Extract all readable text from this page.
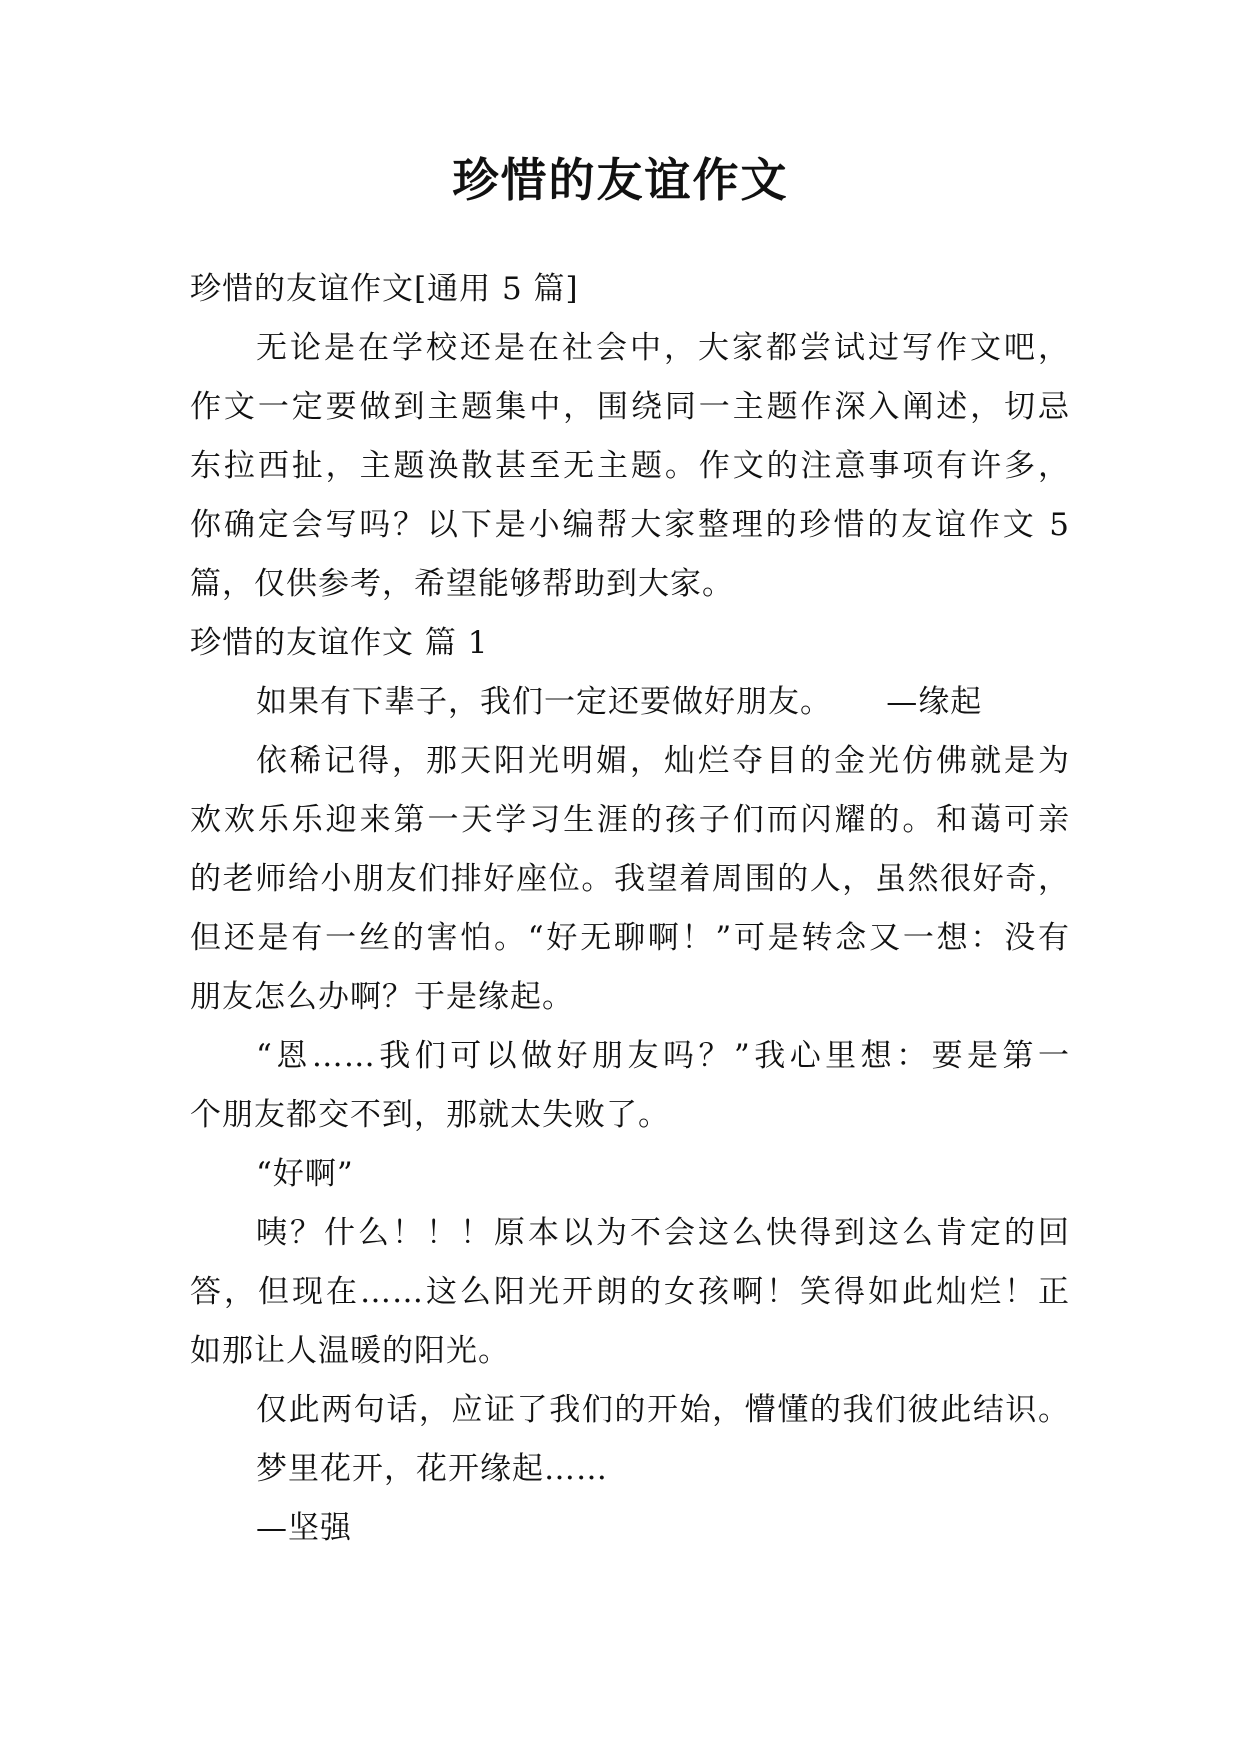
珍惜的友谊作文
珍惜的友谊作文[通用 5 篇]
无论是在学校还是在社会中，大家都尝试过写作文吧，
作文一定要做到主题集中，围绕同一主题作深入阐述，切忌
东拉西扯，主题涣散甚至无主题。作文的注意事项有许多，
你确定会写吗？以下是小编帮大家整理的珍惜的友谊作文 5
篇，仅供参考，希望能够帮助到大家。
珍惜的友谊作文 篇 1
如果有下辈子，我们一定还要做好朋友。     —缘起
依稀记得，那天阳光明媚，灿烂夺目的金光仿佛就是为
欢欢乐乐迎来第一天学习生涯的孩子们而闪耀的。和蔼可亲
的老师给小朋友们排好座位。我望着周围的人，虽然很好奇，
但还是有一丝的害怕。“好无聊啊！”可是转念又一想：没有
朋友怎么办啊？于是缘起。
“恩……我们可以做好朋友吗？”我心里想：要是第一
个朋友都交不到，那就太失败了。
“好啊”
咦？什么！！！原本以为不会这么快得到这么肯定的回
答，但现在……这么阳光开朗的女孩啊！笑得如此灿烂！正
如那让人温暖的阳光。
仅此两句话，应证了我们的开始，懵懂的我们彼此结识。
梦里花开，花开缘起……
—坚强
